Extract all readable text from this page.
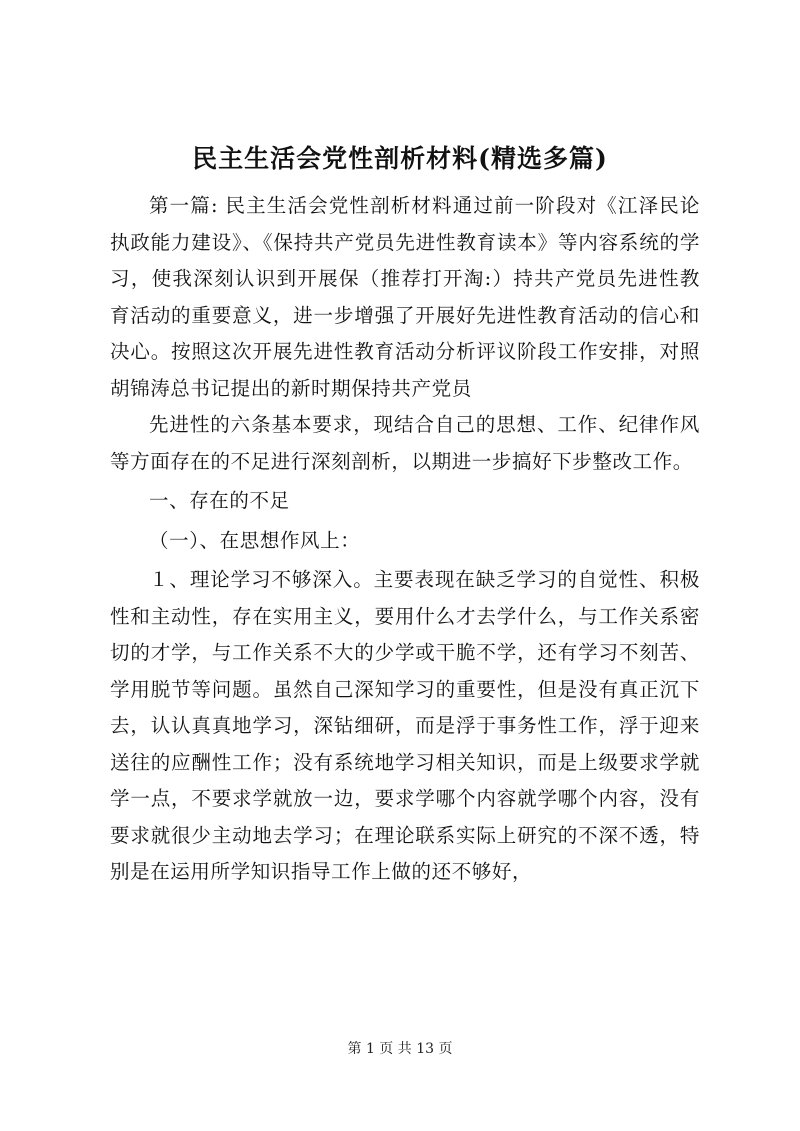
民主生活会党性剖析材料(精选多篇)

第一篇: 民主生活会党性剖析材料通过前一阶段对《江泽民论执政能力建设》、《保持共产党员先进性教育读本》等内容系统的学习，使我深刻认识到开展保（推荐打开淘:）持共产党员先进性教育活动的重要意义，进一步增强了开展好先进性教育活动的信心和决心。按照这次开展先进性教育活动分析评议阶段工作安排，对照胡锦涛总书记提出的新时期保持共产党员

先进性的六条基本要求，现结合自己的思想、工作、纪律作风等方面存在的不足进行深刻剖析，以期进一步搞好下步整改工作。

一、存在的不足

（一）、在思想作风上：

１、理论学习不够深入。主要表现在缺乏学习的自觉性、积极性和主动性，存在实用主义，要用什么才去学什么，与工作关系密切的才学，与工作关系不大的少学或干脆不学，还有学习不刻苦、学用脱节等问题。虽然自己深知学习的重要性，但是没有真正沉下去，认认真真地学习，深钻细研，而是浮于事务性工作，浮于迎来送往的应酬性工作；没有系统地学习相关知识，而是上级要求学就学一点，不要求学就放一边，要求学哪个内容就学哪个内容，没有要求就很少主动地去学习；在理论联系实际上研究的不深不透，特别是在运用所学知识指导工作上做的还不够好，

第 1 页 共 13 页
